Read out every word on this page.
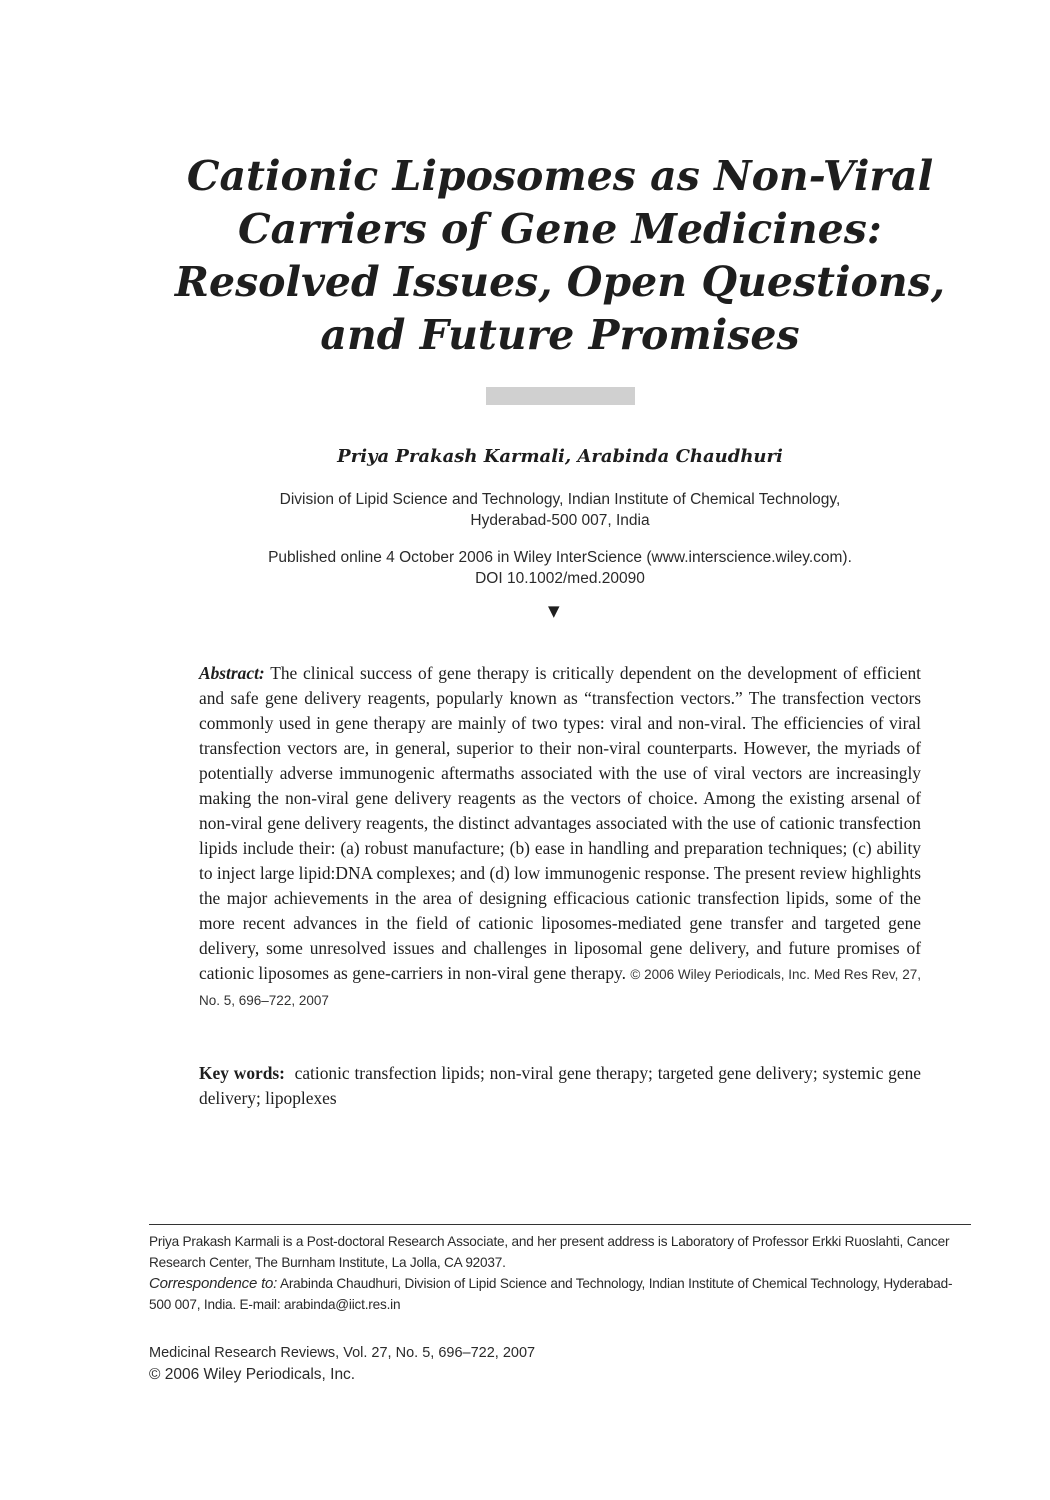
Cationic Liposomes as Non-Viral
Carriers of Gene Medicines:
Resolved Issues, Open Questions,
and Future Promises
Priya Prakash Karmali, Arabinda Chaudhuri
Division of Lipid Science and Technology, Indian Institute of Chemical Technology,
Hyderabad-500 007, India
Published online 4 October 2006 in Wiley InterScience (www.interscience.wiley.com).
DOI 10.1002/med.20090
▼

Abstract: The clinical success of gene therapy is critically dependent on the development of efficient and safe gene delivery reagents, popularly known as “transfection vectors.” The transfection vectors commonly used in gene therapy are mainly of two types: viral and non-viral. The efficiencies of viral transfection vectors are, in general, superior to their non-viral counterparts. However, the myriads of potentially adverse immunogenic aftermaths associated with the use of viral vectors are increasingly making the non-viral gene delivery reagents as the vectors of choice. Among the existing arsenal of non-viral gene delivery reagents, the distinct advantages associated with the use of cationic transfection lipids include their: (a) robust manufacture; (b) ease in handling and preparation techniques; (c) ability to inject large lipid:DNA complexes; and (d) low immunogenic response. The present review highlights the major achievements in the area of designing efficacious cationic transfection lipids, some of the more recent advances in the field of cationic liposomes-mediated gene transfer and targeted gene delivery, some unresolved issues and challenges in liposomal gene delivery, and future promises of cationic liposomes as gene-carriers in non-viral gene therapy. © 2006 Wiley Periodicals, Inc. Med Res Rev, 27, No. 5, 696–722, 2007

Key words: cationic transfection lipids; non-viral gene therapy; targeted gene delivery; systemic gene delivery; lipoplexes

Priya Prakash Karmali is a Post-doctoral Research Associate, and her present address is Laboratory of Professor Erkki Ruoslahti, Cancer Research Center, The Burnham Institute, La Jolla, CA 92037.

Correspondence to: Arabinda Chaudhuri, Division of Lipid Science and Technology, Indian Institute of Chemical Technology, Hyderabad-500 007, India. E-mail: arabinda@iict.res.in

Medicinal Research Reviews, Vol. 27, No. 5, 696–722, 2007
© 2006 Wiley Periodicals, Inc.
